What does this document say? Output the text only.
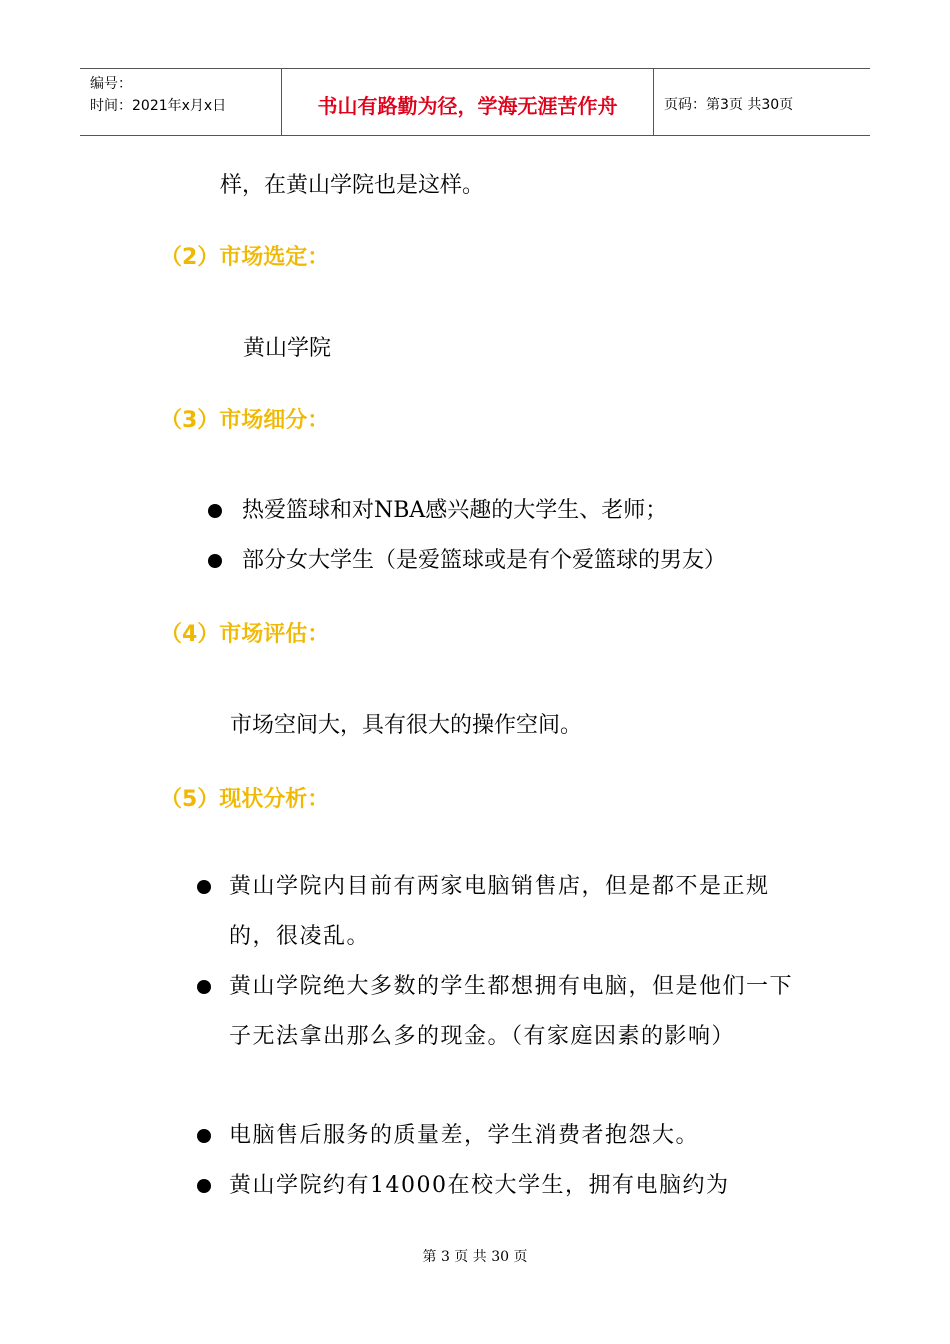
编号：
时间：2021年x月x日	书山有路勤为径，学海无涯苦作舟	页码：第3页 共30页
样，在黄山学院也是这样。
（2）市场选定：
黄山学院
（3）市场细分：
热爱篮球和对NBA感兴趣的大学生、老师；
部分女大学生（是爱篮球或是有个爱篮球的男友）
（4）市场评估：
市场空间大，具有很大的操作空间。
（5）现状分析：
黄山学院内目前有两家电脑销售店，但是都不是正规的，很凌乱。
黄山学院绝大多数的学生都想拥有电脑，但是他们一下子无法拿出那么多的现金。（有家庭因素的影响）
电脑售后服务的质量差，学生消费者抱怨大。
黄山学院约有14000在校大学生，拥有电脑约为
第 3 页 共 30 页
